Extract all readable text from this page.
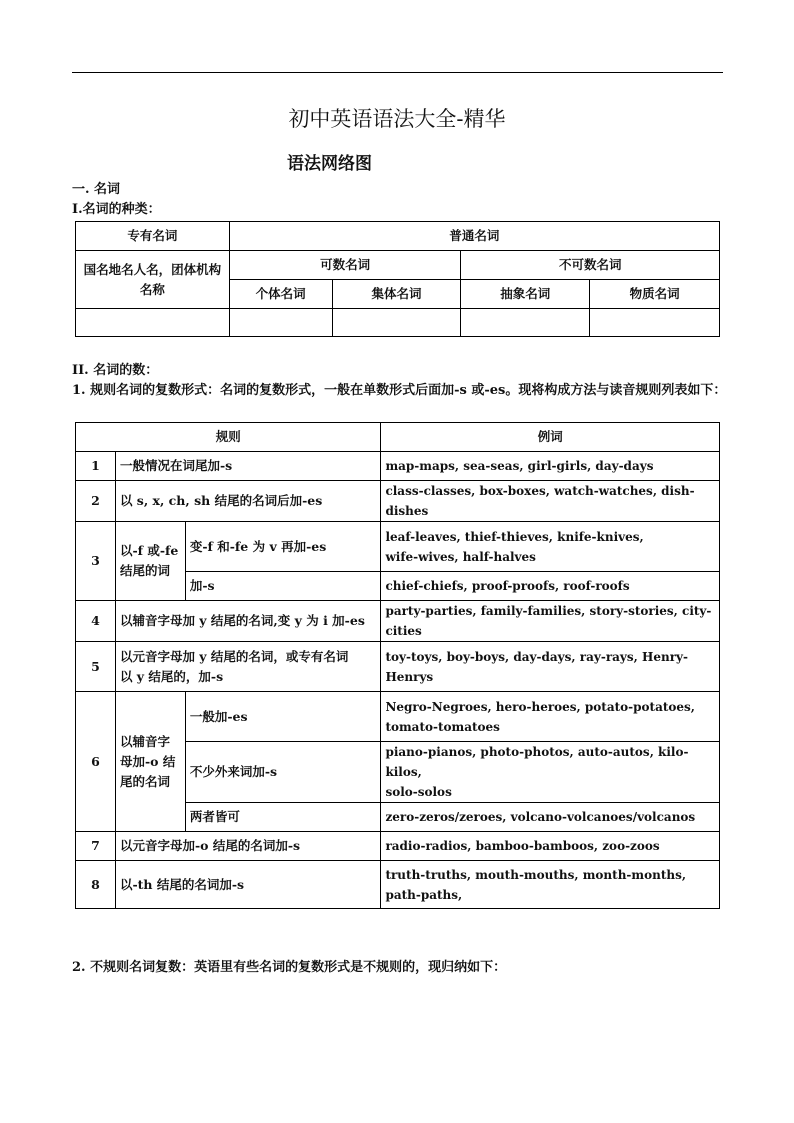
初中英语语法大全-精华
语法网络图
一. 名词
I.名词的种类：
专有名词	普通名词			
国名地名人名，团体机构名称	可数名词		不可数名词	
	个体名词	集体名词	抽象名词	物质名词

II. 名词的数：
1. 规则名词的复数形式：名词的复数形式，一般在单数形式后面加-s 或-es。现将构成方法与读音规则列表如下：
规则			例词
1	一般情况在词尾加-s		map-maps, sea-seas, girl-girls, day-days
2	以 s, x, ch, sh 结尾的名词后加-es		class-classes, box-boxes, watch-watches, dish-dishes
3	以-f 或-fe 结尾的词	变-f 和-fe 为 v 再加-es	leaf-leaves, thief-thieves, knife-knives,
wife-wives, half-halves

		加-s	chief-chiefs, proof-proofs, roof-roofs
4	以辅音字母加 y 结尾的名词,变 y 为 i 加-es		party-parties, family-families, story-stories, city-cities
5	以元音字母加 y 结尾的名词，或专有名词
以 y 结尾的，加-s		toy-toys, boy-boys, day-days, ray-rays, Henry-Henrys
6	以辅音字母加-o 结尾的名词	一般加-es	Negro-Negroes, hero-heroes, potato-potatoes,
tomato-tomatoes

		不少外来词加-s	piano-pianos, photo-photos, auto-autos, kilo-kilos,
solo-solos

		两者皆可	zero-zeros/zeroes, volcano-volcanoes/volcanos
7	以元音字母加-o 结尾的名词加-s		radio-radios, bamboo-bamboos, zoo-zoos
8	以-th 结尾的名词加-s		truth-truths, mouth-mouths, month-months,
path-paths,
2. 不规则名词复数：英语里有些名词的复数形式是不规则的，现归纳如下：
